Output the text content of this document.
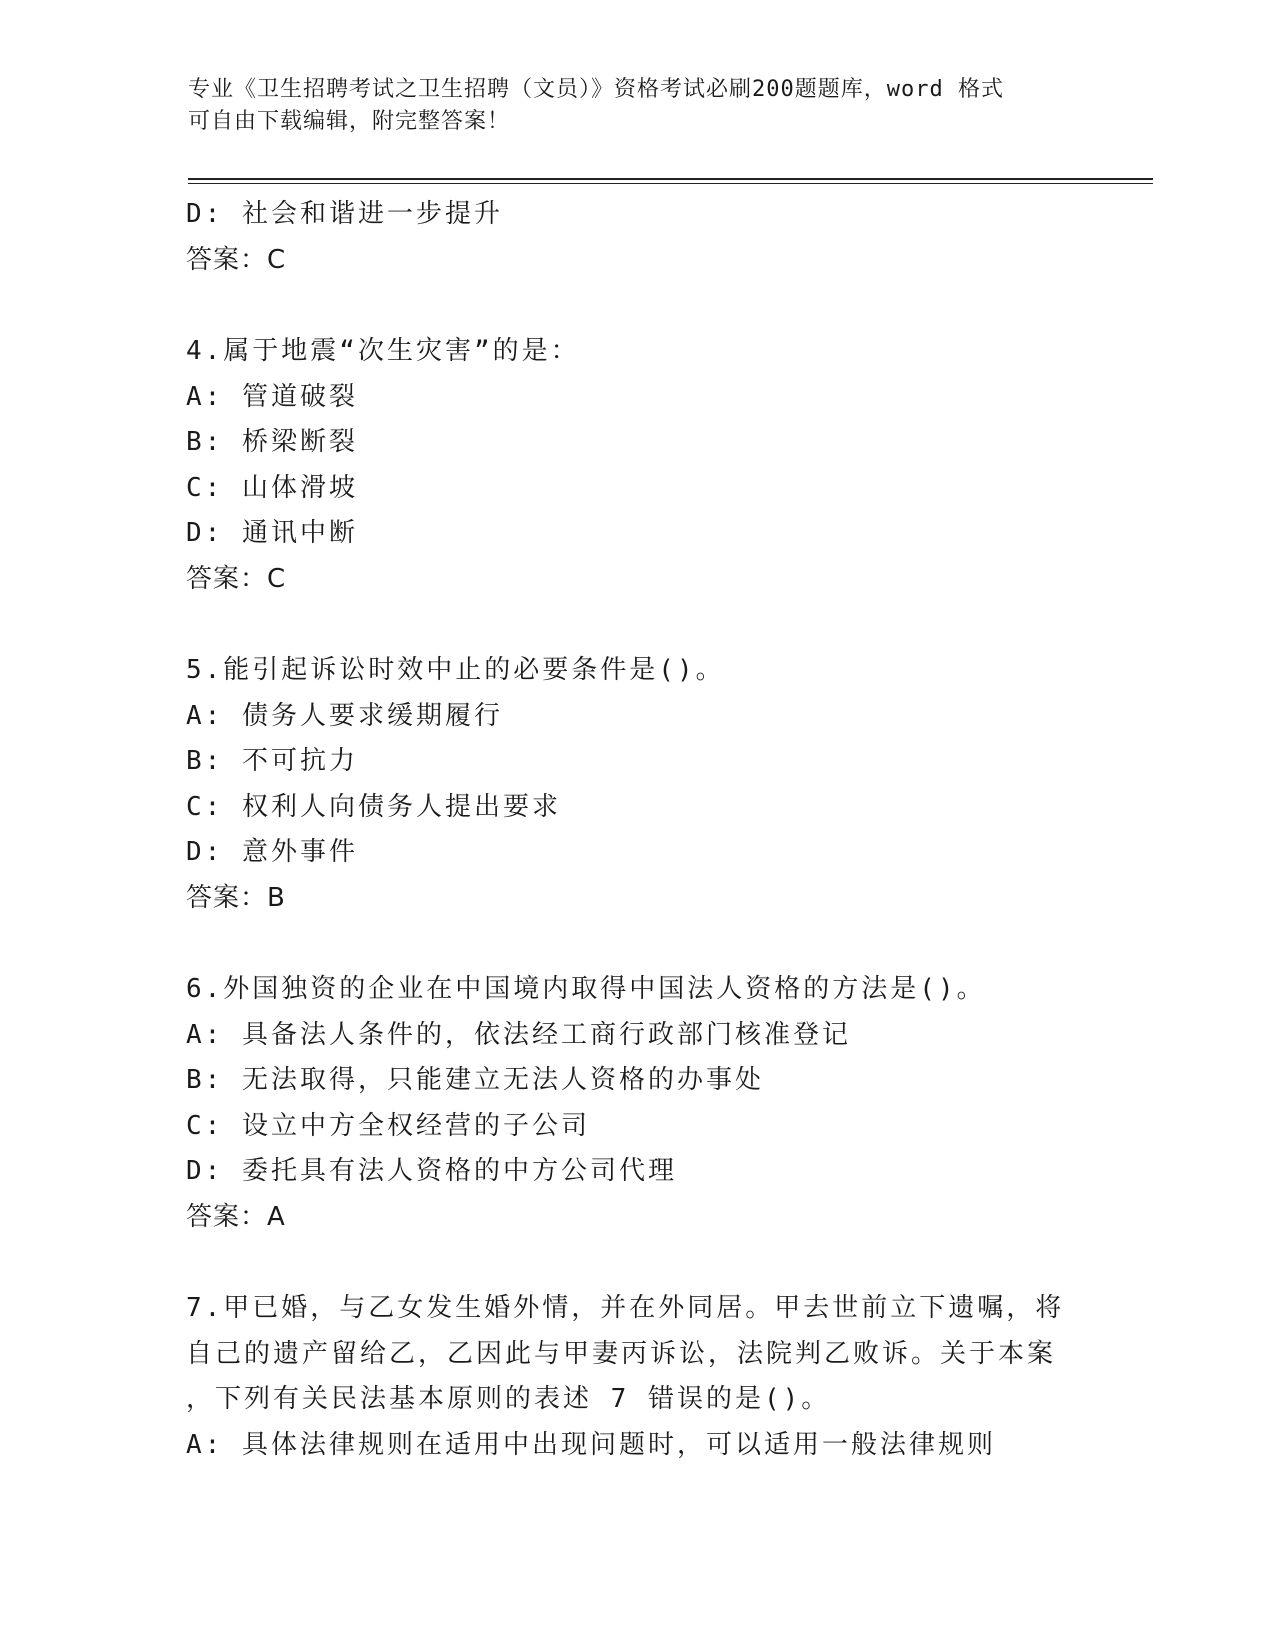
专业《卫生招聘考试之卫生招聘（文员）》资格考试必刷200题题库，word 格式
可自由下载编辑，附完整答案！
D: 社会和谐进一步提升
答案：C
4.属于地震“次生灾害”的是：
A: 管道破裂
B: 桥梁断裂
C: 山体滑坡
D: 通讯中断
答案：C
5.能引起诉讼时效中止的必要条件是()。
A: 债务人要求缓期履行
B: 不可抗力
C: 权利人向债务人提出要求
D: 意外事件
答案：B
6.外国独资的企业在中国境内取得中国法人资格的方法是()。
A: 具备法人条件的，依法经工商行政部门核准登记
B: 无法取得，只能建立无法人资格的办事处
C: 设立中方全权经营的子公司
D: 委托具有法人资格的中方公司代理
答案：A
7.甲已婚，与乙女发生婚外情，并在外同居。甲去世前立下遗嘱，将
自己的遗产留给乙，乙因此与甲妻丙诉讼，法院判乙败诉。关于本案
，下列有关民法基本原则的表述 7 错误的是()。
A: 具体法律规则在适用中出现问题时，可以适用一般法律规则
